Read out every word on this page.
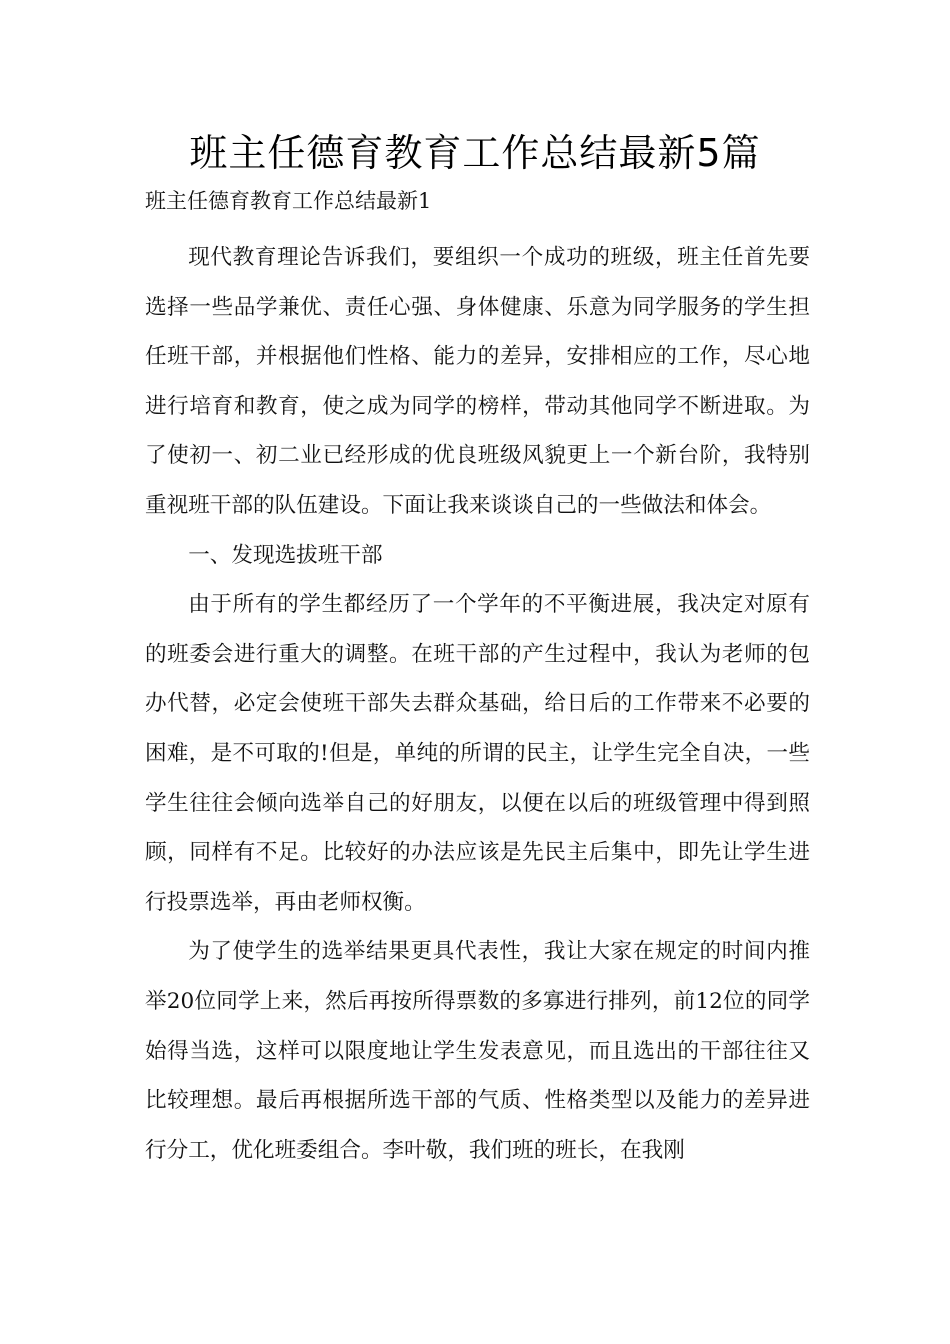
班主任德育教育工作总结最新5篇

班主任德育教育工作总结最新1

现代教育理论告诉我们，要组织一个成功的班级，班主任首先要选择一些品学兼优、责任心强、身体健康、乐意为同学服务的学生担任班干部，并根据他们性格、能力的差异，安排相应的工作，尽心地进行培育和教育，使之成为同学的榜样，带动其他同学不断进取。为了使初一、初二业已经形成的优良班级风貌更上一个新台阶，我特别重视班干部的队伍建设。下面让我来谈谈自己的一些做法和体会。

一、发现选拔班干部

由于所有的学生都经历了一个学年的不平衡进展，我决定对原有的班委会进行重大的调整。在班干部的产生过程中，我认为老师的包办代替，必定会使班干部失去群众基础，给日后的工作带来不必要的困难，是不可取的!但是，单纯的所谓的民主，让学生完全自决，一些学生往往会倾向选举自己的好朋友，以便在以后的班级管理中得到照顾，同样有不足。比较好的办法应该是先民主后集中，即先让学生进行投票选举，再由老师权衡。

为了使学生的选举结果更具代表性，我让大家在规定的时间内推举20位同学上来，然后再按所得票数的多寡进行排列，前12位的同学始得当选，这样可以限度地让学生发表意见，而且选出的干部往往又比较理想。最后再根据所选干部的气质、性格类型以及能力的差异进行分工，优化班委组合。李叶敬，我们班的班长，在我刚
